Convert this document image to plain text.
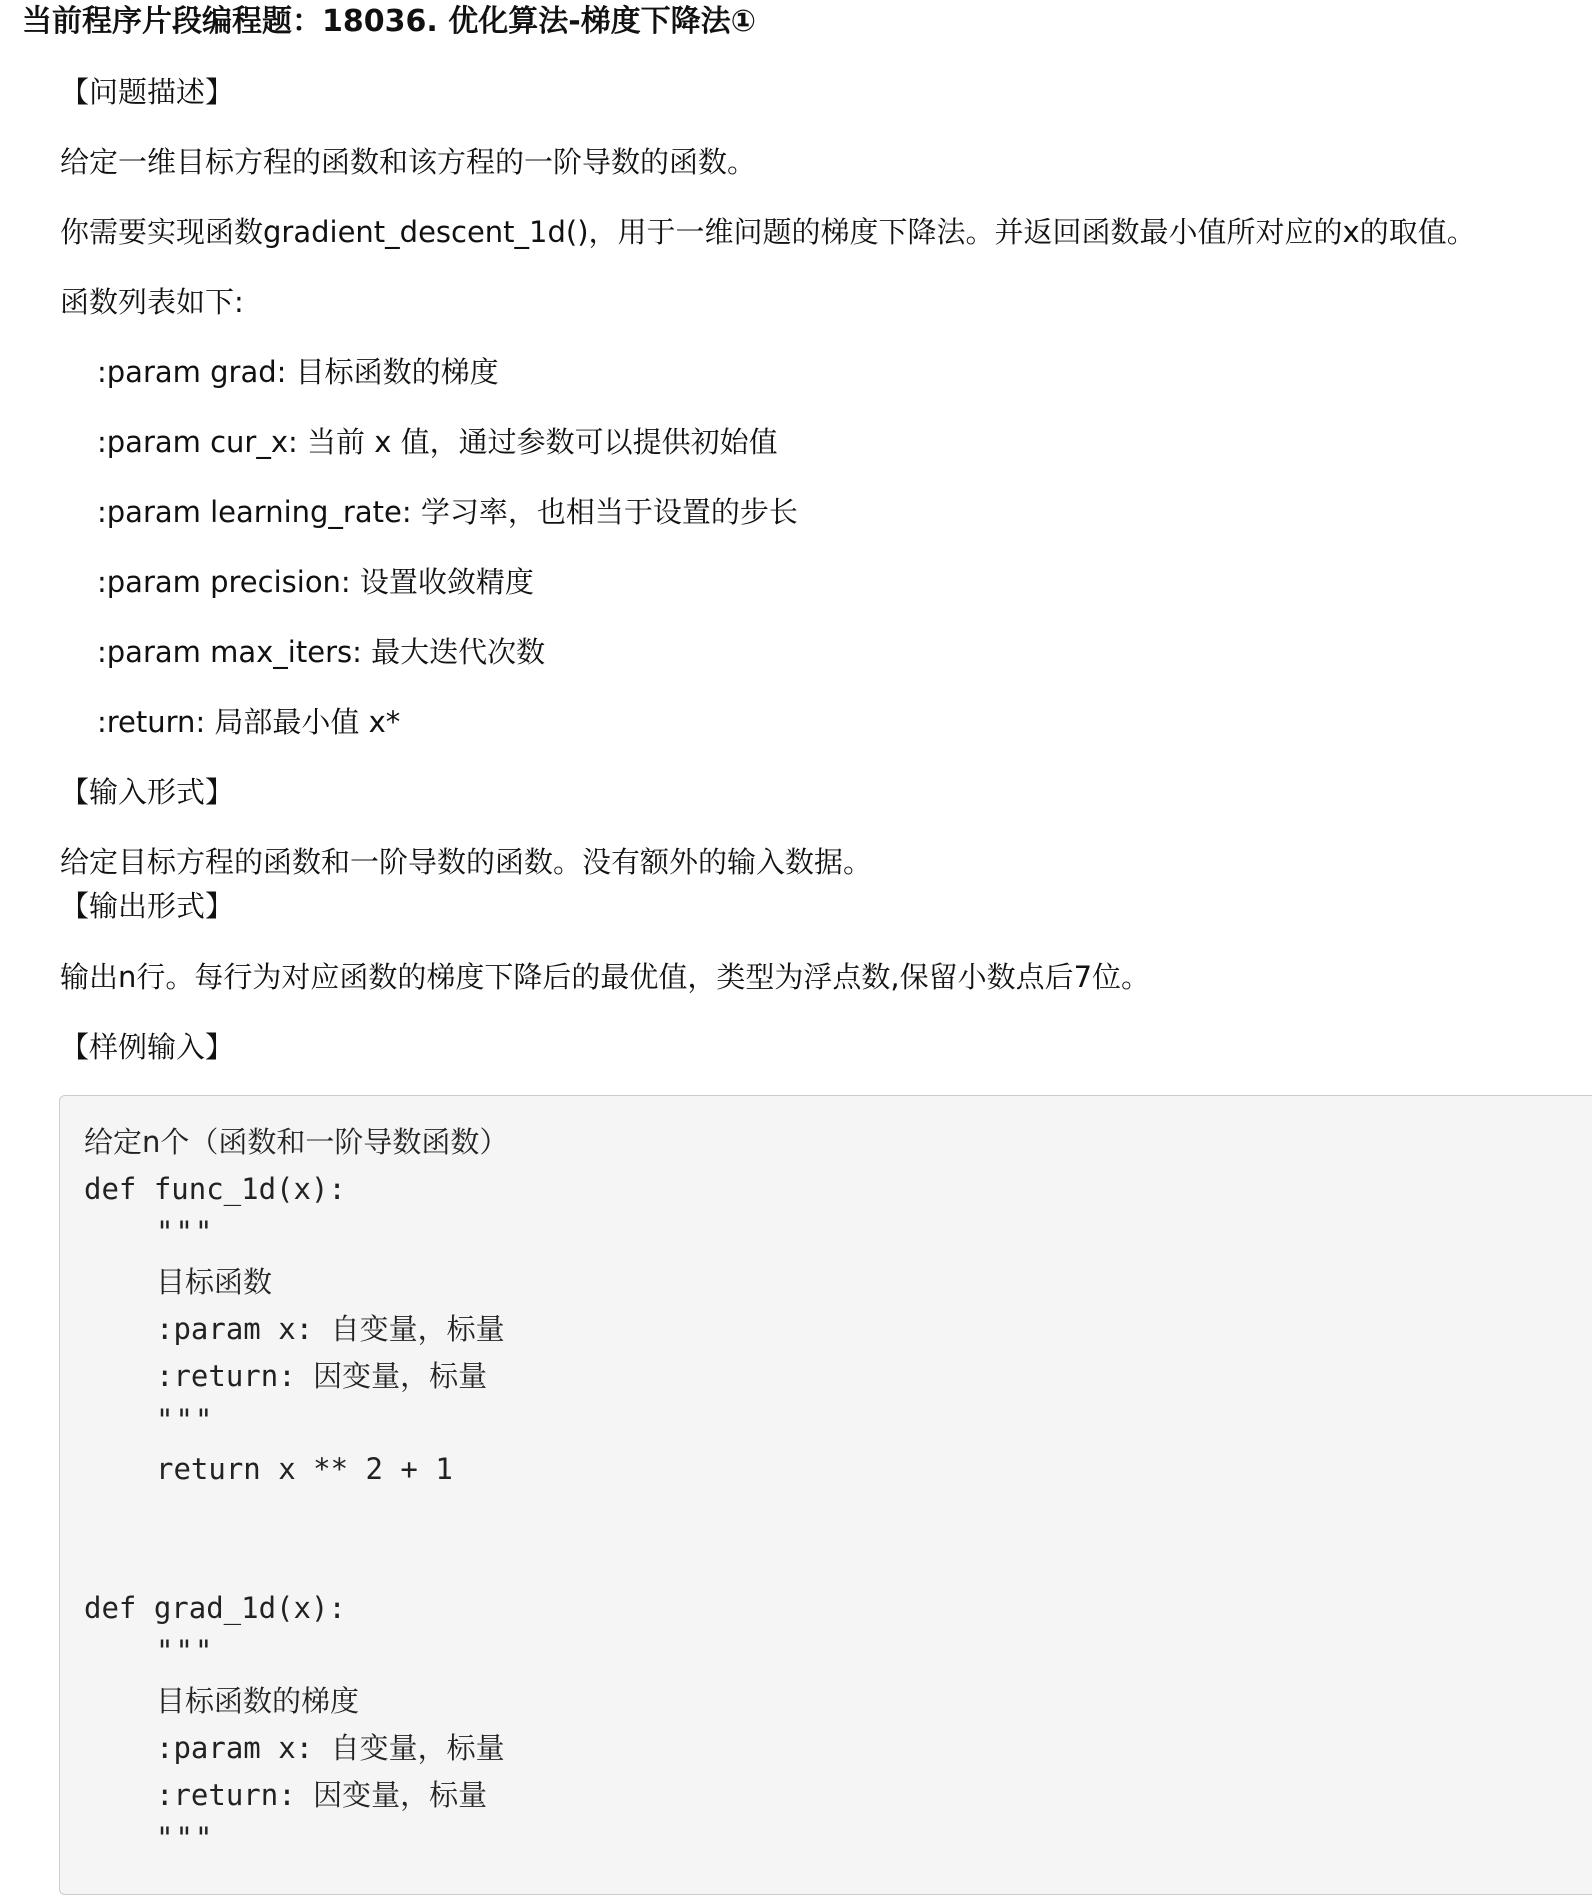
当前程序片段编程题：18036. 优化算法-梯度下降法①
【问题描述】
给定一维目标方程的函数和该方程的一阶导数的函数。
你需要实现函数gradient_descent_1d()，用于一维问题的梯度下降法。并返回函数最小值所对应的x的取值。
函数列表如下:
:param grad: 目标函数的梯度
:param cur_x: 当前 x 值，通过参数可以提供初始值
:param learning_rate: 学习率，也相当于设置的步长
:param precision: 设置收敛精度
:param max_iters: 最大迭代次数
:return: 局部最小值 x*
【输入形式】
给定目标方程的函数和一阶导数的函数。没有额外的输入数据。
【输出形式】
输出n行。每行为对应函数的梯度下降后的最优值，类型为浮点数,保留小数点后7位。
【样例输入】
给定n个（函数和一阶导数函数）
def func_1d(x):
"""
目标函数
:param x: 自变量，标量
:return: 因变量，标量
"""
return x ** 2 + 1
def grad_1d(x):
"""
目标函数的梯度
:param x: 自变量，标量
:return: 因变量，标量
"""
